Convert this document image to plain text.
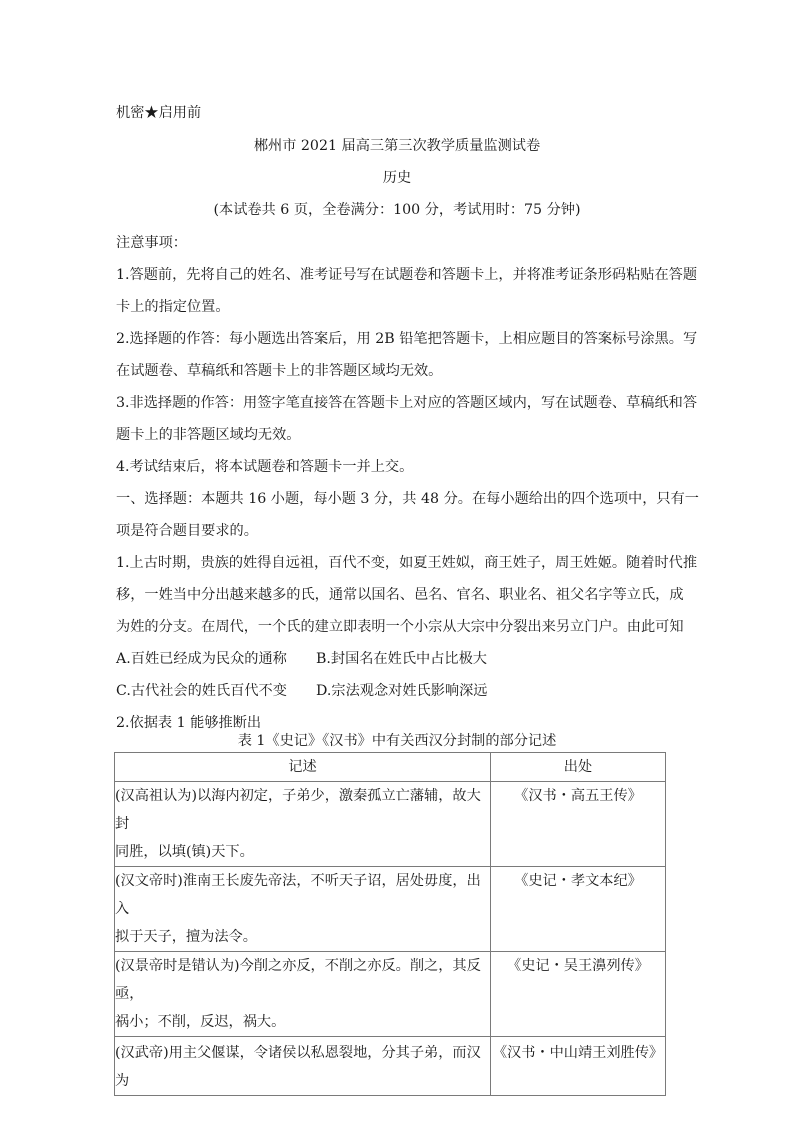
机密★启用前
郴州市 2021 届高三第三次教学质量监测试卷
历史
(本试卷共 6 页，全卷满分：100 分，考试用时：75 分钟)
注意事项：
1.答题前，先将自己的姓名、准考证号写在试题卷和答题卡上，并将准考证条形码粘贴在答题
卡上的指定位置。
2.选择题的作答：每小题选出答案后，用 2B 铅笔把答题卡，上相应题目的答案标号涂黑。写
在试题卷、草稿纸和答题卡上的非答题区域均无效。
3.非选择题的作答：用签字笔直接答在答题卡上对应的答题区域内，写在试题卷、草稿纸和答
题卡上的非答题区域均无效。
4.考试结束后，将本试题卷和答题卡一并上交。
一、选择题：本题共 16 小题，每小题 3 分，共 48 分。在每小题给出的四个选项中，只有一
项是符合题目要求的。
1.上古时期，贵族的姓得自远祖，百代不变，如夏王姓姒，商王姓子，周王姓姬。随着时代推
移，一姓当中分出越来越多的氏，通常以国名、邑名、官名、职业名、祖父名字等立氏，成
为姓的分支。在周代，一个氏的建立即表明一个小宗从大宗中分裂出来另立门户。由此可知
A.百姓已经成为民众的通称 B.封国名在姓氏中占比极大
C.古代社会的姓氏百代不变 D.宗法观念对姓氏影响深远
2.依据表 1 能够推断出
表 1《史记》《汉书》中有关西汉分封制的部分记述
记述	出处

(汉高祖认为)以海内初定，子弟少，激秦孤立亡藩辅，故大封
同胜，以填(镇)天下。	《汉书・高五王传》

(汉文帝时)淮南王长废先帝法，不听天子诏，居处毋度，出入
拟于天子，擅为法令。	《史记・孝文本纪》

(汉景帝时是错认为)今削之亦反，不削之亦反。削之，其反亟，
祸小；不削，反迟，祸大。	《史记・吴王濞列传》

(汉武帝)用主父偃谋，令诸侯以私恩裂地，分其子弟，而汉为	《汉书・中山靖王刘胜传》
